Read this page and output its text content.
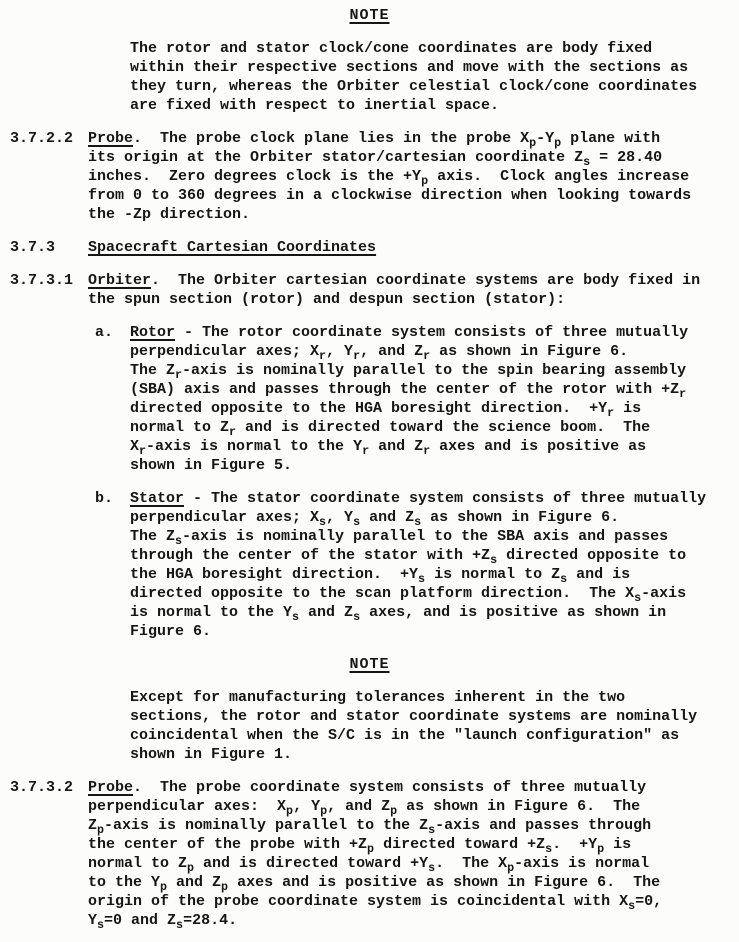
NOTE
The rotor and stator clock/cone coordinates are body fixed
within their respective sections and move with the sections as
they turn, whereas the Orbiter celestial clock/cone coordinates
are fixed with respect to inertial space.
3.7.2.2 Probe.  The probe clock plane lies in the probe $X_p-Y_p$ plane with
its origin at the Orbiter stator/cartesian coordinate $Z_s = 28.40$
inches.  Zero degrees clock is the $+Y_p$ axis.  Clock angles increase
from 0 to 360 degrees in a clockwise direction when looking towards
the -Zp direction.
3.7.3 Spacecraft Cartesian Coordinates
3.7.3.1 Orbiter.  The Orbiter cartesian coordinate systems are body fixed in
the spun section (rotor) and despun section (stator):
a. Rotor - The rotor coordinate system consists of three mutually
perpendicular axes; $X_r$, $Y_r$, and $Z_r$ as shown in Figure 6.
The $Z_r$-axis is nominally parallel to the spin bearing assembly
(SBA) axis and passes through the center of the rotor with $+Z_r$
directed opposite to the HGA boresight direction.  $+Y_r$ is
normal to $Z_r$ and is directed toward the science boom.  The
$X_r$-axis is normal to the $Y_r$ and $Z_r$ axes and is positive as
shown in Figure 5.
b. Stator - The stator coordinate system consists of three mutually
perpendicular axes; $X_s$, $Y_s$ and $Z_s$ as shown in Figure 6.
The $Z_s$-axis is nominally parallel to the SBA axis and passes
through the center of the stator with $+Z_s$ directed opposite to
the HGA boresight direction.  $+Y_s$ is normal to $Z_s$ and is
directed opposite to the scan platform direction.  The $X_s$-axis
is normal to the $Y_s$ and $Z_s$ axes, and is positive as shown in
Figure 6.
NOTE
Except for manufacturing tolerances inherent in the two
sections, the rotor and stator coordinate systems are nominally
coincidental when the S/C is in the "launch configuration" as
shown in Figure 1.
3.7.3.2 Probe.  The probe coordinate system consists of three mutually
perpendicular axes:  $X_p$, $Y_p$, and $Z_p$ as shown in Figure 6.  The
$Z_p$-axis is nominally parallel to the $Z_s$-axis and passes through
the center of the probe with $+Z_p$ directed toward $+Z_s$.  $+Y_p$ is
normal to $Z_p$ and is directed toward $+Y_s$.  The $X_p$-axis is normal
to the $Y_p$ and $Z_p$ axes and is positive as shown in Figure 6.  The
origin of the probe coordinate system is coincidental with $X_s=0$,
$Y_s=0$ and $Z_s=28.4$.
